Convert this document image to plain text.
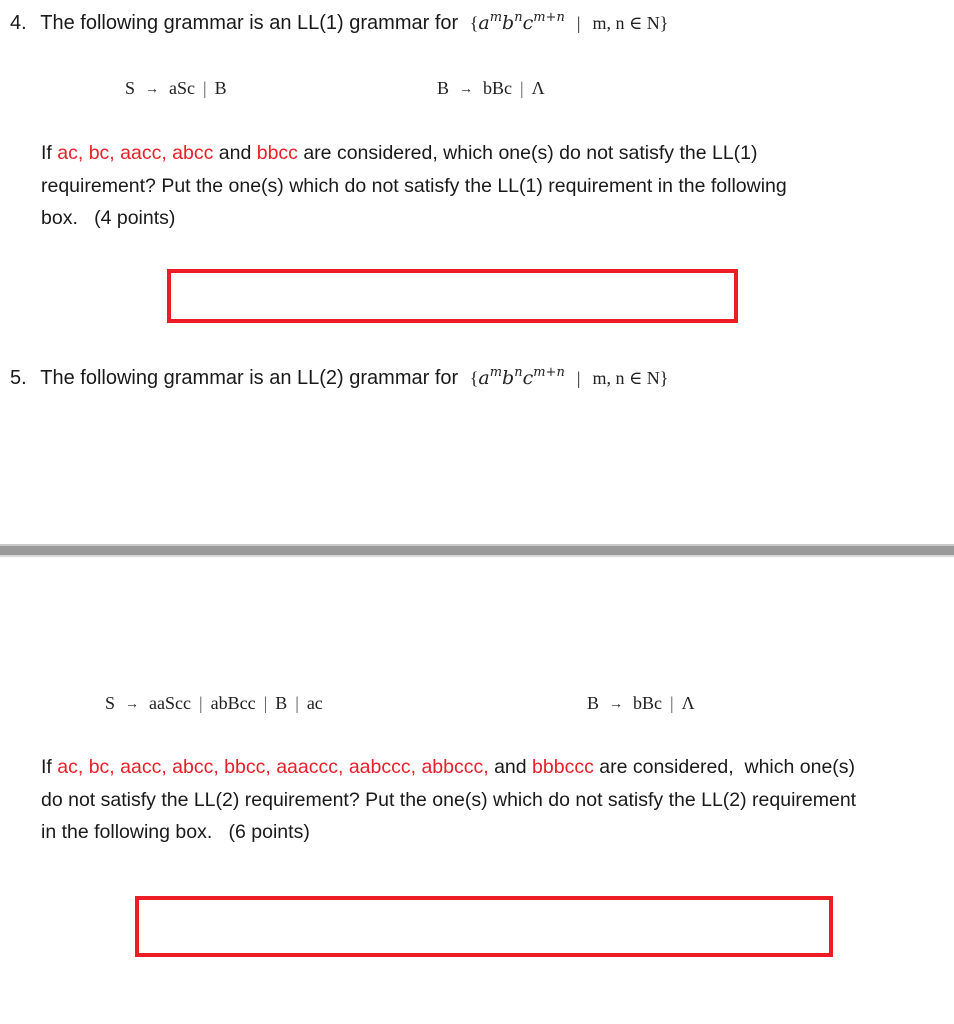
4. The following grammar is an LL(1) grammar for {$a^mb^nc^{m+n}$ | m, n ∈ N}
S → aSc | B	B → bBc | Λ
If ac, bc, aacc, abcc and bbcc are considered, which one(s) do not satisfy the LL(1)
requirement? Put the one(s) which do not satisfy the LL(1) requirement in the following
box.   (4 points)
5. The following grammar is an LL(2) grammar for {$a^mb^nc^{m+n}$ | m, n ∈ N}
S → aaScc | abBcc | B | ac	B → bBc | Λ
If ac, bc, aacc, abcc, bbcc, aaaccc, aabccc, abbccc, and bbbccc are considered,  which one(s)
do not satisfy the LL(2) requirement? Put the one(s) which do not satisfy the LL(2) requirement
in the following box.   (6 points)
